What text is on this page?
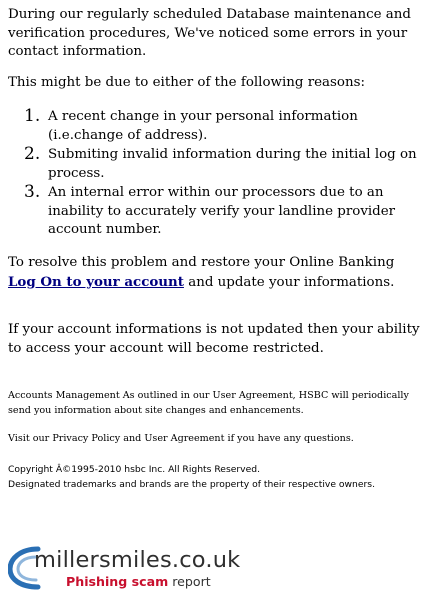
During our regularly scheduled Database maintenance and verification procedures, We've noticed some errors in your contact information.

This might be due to either of the following reasons:

1. A recent change in your personal information (i.e.change of address).
2. Submiting invalid information during the initial log on process.
3. An internal error within our processors due to an inability to accurately verify your landline provider account number.

To resolve this problem and restore your Online Banking Log On to your account and update your informations.

If your account informations is not updated then your ability to access your account will become restricted.

Accounts Management As outlined in our User Agreement, HSBC will periodically send you information about site changes and enhancements.

Visit our Privacy Policy and User Agreement if you have any questions.

Copyright Â©1995-2010 hsbc Inc. All Rights Reserved.

Designated trademarks and brands are the property of their respective owners.

millersmiles.co.uk
Phishing scam report
